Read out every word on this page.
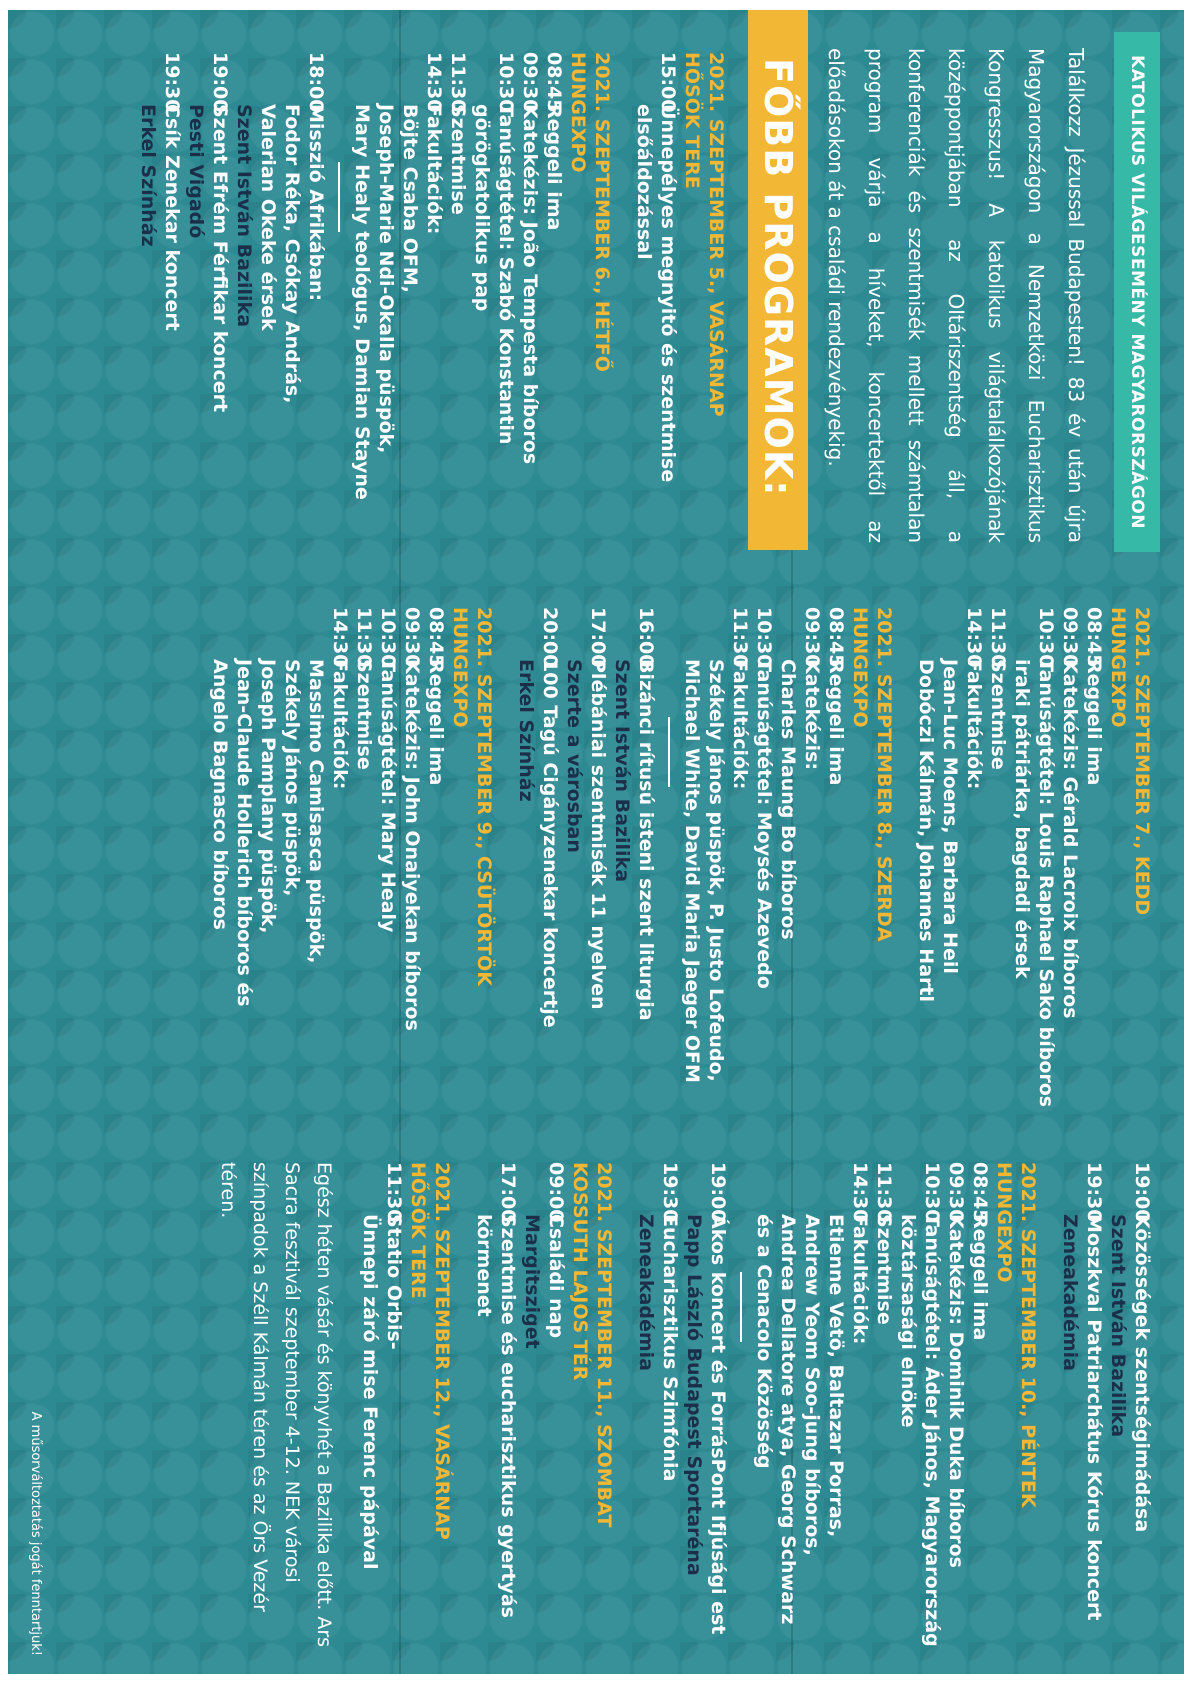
KATOLIKUS VILÁGESEMÉNY MAGYARORSZÁGON
Találkozz Jézussal Budapesten! 83 év után újra Magyarországon a Nemzetközi Eucharisztikus Kongresszus! A katolikus világtalálkozójának középpontjában az Oltáriszentség áll, a konferenciák és szentmisék mellett számtalan program várja a híveket, koncertektől az előadásokon át a családi rendezvényekig.
FŐBB PROGRAMOK:

2021. SZEPTEMBER 5., VASÁRNAP

HŐSÖK TERE

15:00
Ünnepélyes megnyitó és szentmise
elsőáldozással

2021. SZEPTEMBER 6., HÉTFŐ

HUNGEXPO

08:45
Reggeli ima
09:30
Katekézis: João Tempesta bíboros
10:30
Tanúságtétel: Szabó Konstantin
görögkatolikus pap
11:30
Szentmise
14:30
Fakultációk:
Böjte Csaba OFM,
Joseph-Marie Ndi-Okalla püspök,
Mary Healy teológus, Damian Stayne
18:00
Misszió Afrikában:
Fodor Réka, Csókay András,
Valerian Okeke érsek
Szent István Bazilika
19:00
Szent Efrém Férfikar koncert
Pesti Vigadó
19:30
Csík Zenekar koncert
Erkel Színház

2021. SZEPTEMBER 7., KEDD

HUNGEXPO

08:45
Reggeli ima
09:30
Katekézis: Gérald Lacroix bíboros
10:30
Tanúságtétel: Louis Raphael Sako bíboros
iraki pátriárka, bagdadi érsek
11:30
Szentmise
14:30
Fakultációk:
Jean-Luc Moens, Barbara Heil
Dobóczi Kálmán, Johannes Hartl

2021. SZEPTEMBER 8., SZERDA

HUNGEXPO

08:45
Reggeli ima
09:30
Katekézis:
Charles Maung Bo bíboros
10:30
Tanúságtétel: Moysés Azevedo
11:30
Fakultációk:
Székely János püspök, P. Justo Lofeudo,
Michael White, David Maria Jaeger OFM
16:00
Bizánci rítusú isteni szent liturgia
Szent István Bazilika
17:00
Plébániai szentmisék 11 nyelven
Szerte a városban
20:00
100 Tagú Cigányzenekar koncertje
Erkel Színház

2021. SZEPTEMBER 9., CSÜTÖRTÖK

HUNGEXPO

08:45
Reggeli ima
09:30
Katekézis: John Onaiyekan bíboros
10:30
Tanúságtétel: Mary Healy
11:30
Szentmise
14:30
Fakultációk:
Massimo Camisasca püspök,
Székely János püspök,
Joseph Pamplany püspök,
Jean-Claude Hollerich bíboros és
Angelo Bagnasco bíboros
19:00
Közösségek szentségimádása
Szent István Bazilika
19:30
Moszkvai Patriarchátus Kórus koncert
Zeneakadémia

2021. SZEPTEMBER 10., PÉNTEK

HUNGEXPO

08:45
Reggeli ima
09:30
Katekézis: Dominik Duka bíboros
10:30
Tanúságtétel: Áder János, Magyarország
köztársasági elnöke
11:30
Szentmise
14:30
Fakultációk:
Etienne Vetö, Baltazar Porras,
Andrew Yeom Soo-jung bíboros,
Andrea Dellatore atya, Georg Schwarz
és a Cenacolo Közösség
19:00
Ákos koncert és ForrásPont Ifjúsági est
Papp László Budapest Sportaréna
19:30
Eucharisztikus Szimfónia
Zeneakadémia

2021. SZEPTEMBER 11., SZOMBAT

KOSSUTH LAJOS TÉR

09:00
Családi nap
Margitsziget
17:00
Szentmise és eucharisztikus gyertyás
körmenet

2021. SZEPTEMBER 12., VASÁRNAP

HŐSÖK TERE

11:30
Statio Orbis-
Ünnepi záró mise Ferenc pápával
Egész héten vásár és könyvhét a Bazilika előtt. Ars Sacra fesztivál szeptember 4-12. NEK városi színpadok a Széll Kálmán téren és az Örs Vezér téren.
A műsorváltoztatás jogát fenntartjuk!
